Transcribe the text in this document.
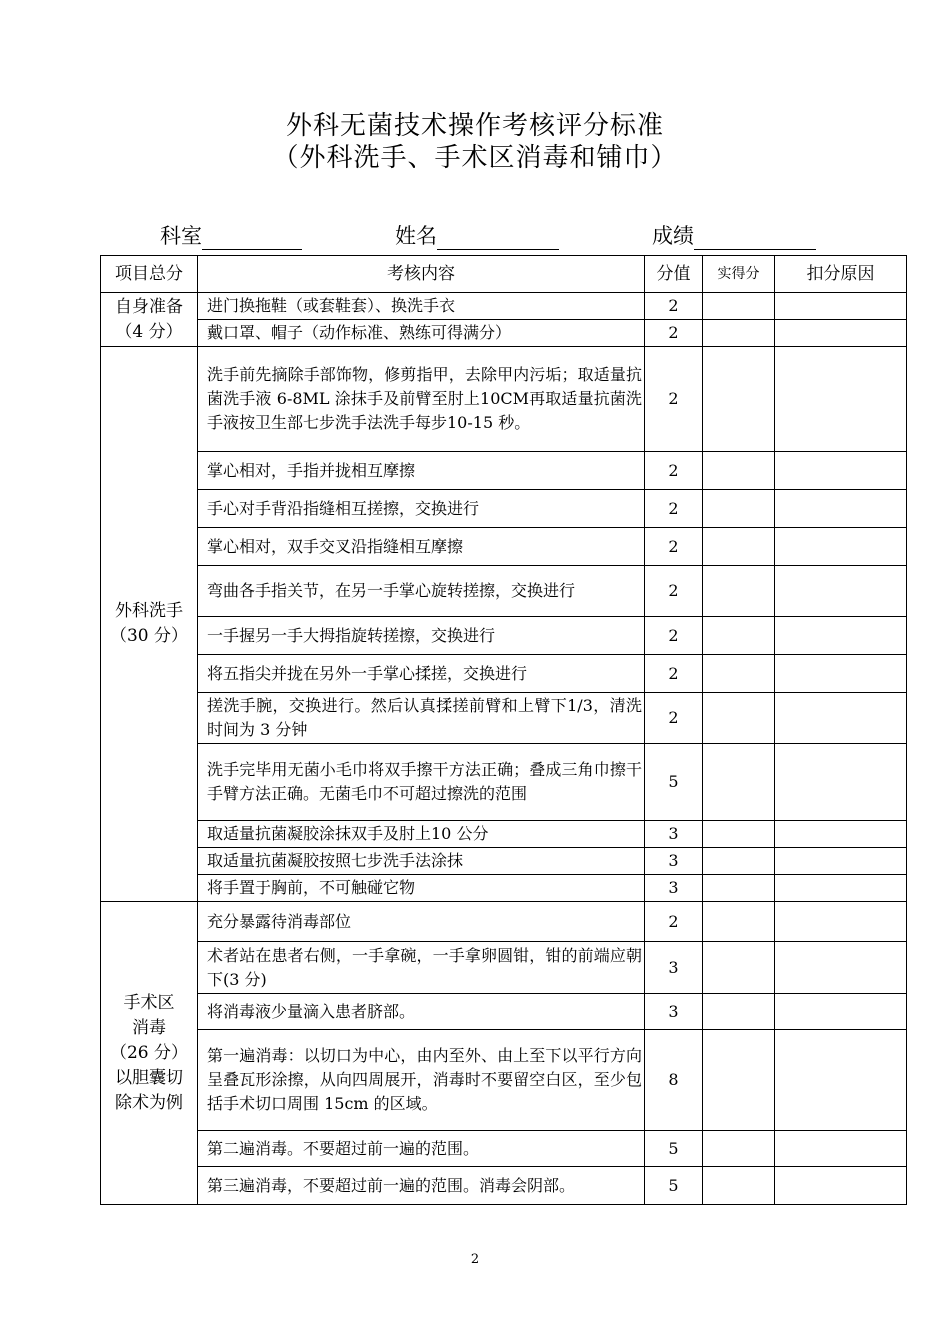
外科无菌技术操作考核评分标准
（外科洗手、手术区消毒和铺巾）
科室	姓名	成绩
项目总分	考核内容	分值	实得分	扣分原因

自身准备
（4 分）	进门换拖鞋（或套鞋套）、换洗手衣	2		
	戴口罩、帽子（动作标准、熟练可得满分）	2		

外科洗手
（30 分）	洗手前先摘除手部饰物，修剪指甲，去除甲内污垢；取适量抗菌洗手液 6-8ML 涂抹手及前臂至肘上10CM再取适量抗菌洗手液按卫生部七步洗手法洗手每步10-15 秒。	2		
	掌心相对，手指并拢相互摩擦	2		
	手心对手背沿指缝相互搓擦，交换进行	2		
	掌心相对，双手交叉沿指缝相互摩擦	2		
	弯曲各手指关节，在另一手掌心旋转搓擦，交换进行	2		
	一手握另一手大拇指旋转搓擦，交换进行	2		
	将五指尖并拢在另外一手掌心揉搓，交换进行	2		
	搓洗手腕，交换进行。然后认真揉搓前臂和上臂下1/3，清洗时间为 3 分钟	2		
	洗手完毕用无菌小毛巾将双手擦干方法正确；叠成三角巾擦干手臂方法正确。无菌毛巾不可超过擦洗的范围	5		
	取适量抗菌凝胶涂抹双手及肘上10 公分	3		
	取适量抗菌凝胶按照七步洗手法涂抹	3		
	将手置于胸前，不可触碰它物	3		

手术区
消毒
（26 分）
以胆囊切
除术为例	充分暴露待消毒部位	2		
	术者站在患者右侧，一手拿碗，一手拿卵圆钳，钳的前端应朝下(3 分)	3		
	将消毒液少量滴入患者脐部。	3		
	第一遍消毒：以切口为中心，由内至外、由上至下以平行方向呈叠瓦形涂擦，从向四周展开，消毒时不要留空白区，至少包括手术切口周围 15cm 的区域。	8		
	第二遍消毒。不要超过前一遍的范围。	5		
	第三遍消毒，不要超过前一遍的范围。消毒会阴部。	5		
2
